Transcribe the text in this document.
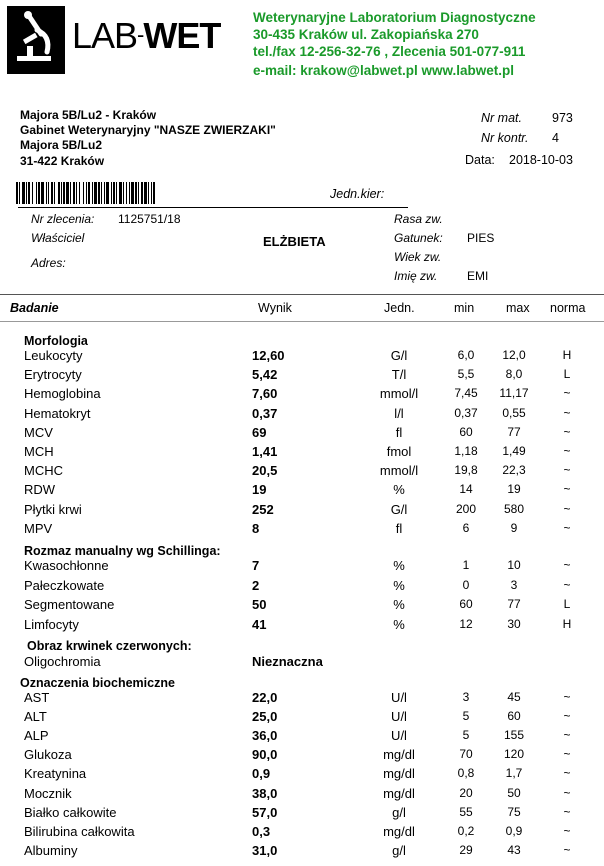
LAB-WET Weterynaryjne Laboratorium Diagnostyczne
30-435 Kraków ul. Zakopiańska 270
tel./fax 12-256-32-76 , Zlecenia 501-077-911
e-mail: krakow@labwet.pl www.labwet.pl
Majora 5B/Lu2 - Kraków
Gabinet Weterynaryjny "NASZE ZWIERZAKI"
Majora 5B/Lu2
31-422 Kraków
Nr mat. 973
Nr kontr. 4
Data: 2018-10-03
Jedn.kier:
Nr zlecenia: 1125751/18
Właściciel	ELŻBIETA
Adres:
Rasa zw.
Gatunek: PIES
Wiek zw.
Imię zw. EMI
Badanie	Wynik	Jedn.	min	max norma
Morfologia
Rozmaz manualny wg Schillinga:
Obraz krwinek czerwonych:
Oznaczenia biochemiczne
Leukocyty	12,60	G/l	6,0 12,0	H
Erytrocyty	5,42	T/l	5,5	8,0	L
Hemoglobina	7,60	mmol/l	7,45 11,17	~
Hematokryt	0,37	l/l	0,37 0,55	~
MCV	69	fl	60	77	~
MCH	1,41	fmol	1,18 1,49	~
MCHC	20,5	mmol/l	19,8 22,3	~
RDW	19	%	14	19	~
Płytki krwi	252	G/l	200 580	~
MPV	8	fl	6	9	~
Kwasochłonne	7	%	1	10	~
Pałeczkowate	2	%	0	3	~
Segmentowane	50	%	60	77	L
Limfocyty	41	%	12	30	H
Oligochromia	Nieznaczna
AST	22,0	U/l	3	45	~
ALT	25,0	U/l	5	60	~
ALP	36,0	U/l	5	155	~
Glukoza	90,0	mg/dl	70	120	~
Kreatynina	0,9	mg/dl	0,8	1,7	~
Mocznik	38,0	mg/dl	20	50	~
Białko całkowite	57,0	g/l	55	75	~
Bilirubina całkowita	0,3	mg/dl	0,2	0,9	~
Albuminy	31,0	g/l	29	43	~
